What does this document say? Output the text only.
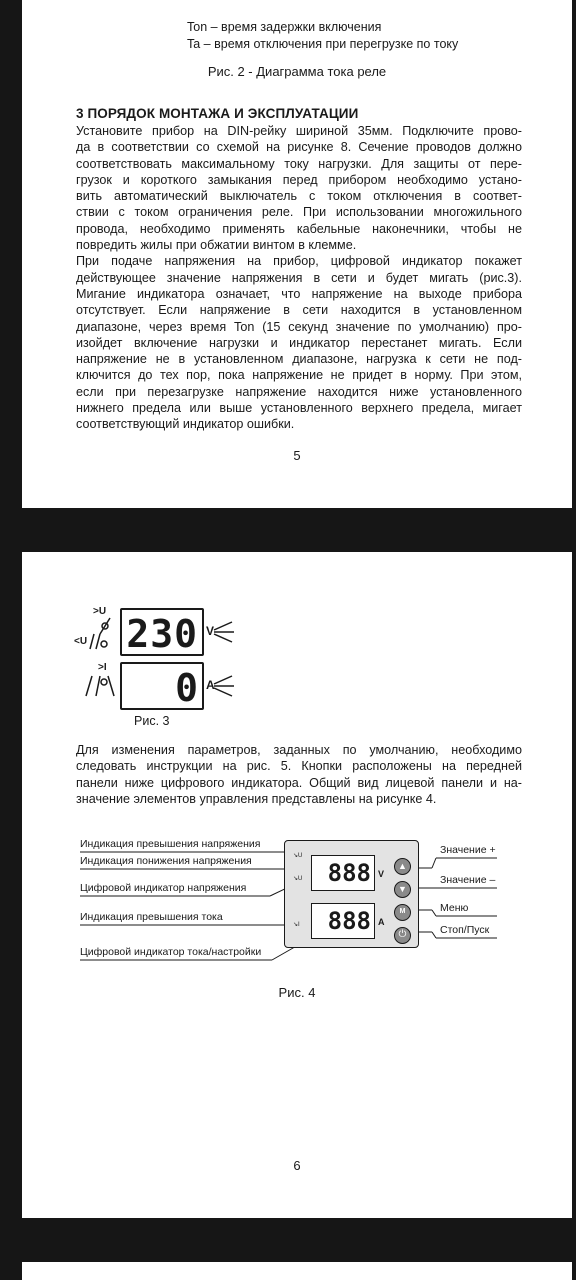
Ton – время задержки включения
Ta – время отключения при перегрузке по току
Рис. 2 - Диаграмма тока реле
3 ПОРЯДОК МОНТАЖА И ЭКСПЛУАТАЦИИ
Установите прибор на DIN-рейку шириной 35мм. Подключите прово-
да в соответствии со схемой на рисунке 8. Сечение проводов должно
соответствовать максимальному току нагрузки. Для защиты от пере-
грузок и короткого замыкания перед прибором необходимо устано-
вить автоматический выключатель с током отключения в соответ-
ствии с током ограничения реле. При использовании многожильного
провода, необходимо применять кабельные наконечники, чтобы не
повредить жилы при обжатии винтом в клемме.
При подаче напряжения на прибор, цифровой индикатор покажет
действующее значение напряжения в сети и будет мигать (рис.3).
Мигание индикатора означает, что напряжение на выходе прибора
отсутствует. Если напряжение в сети находится в установленном
диапазоне, через время Ton (15 секунд значение по умолчанию) про-
изойдет включение нагрузки и индикатор перестанет мигать. Если
напряжение не в установленном диапазоне, нагрузка к сети не под-
ключится до тех пор, пока напряжение не придет в норму. При этом,
если при перезагрузке напряжение находится ниже установленного
нижнего предела или выше установленного верхнего предела, мигает
соответствующий индикатор ошибки.
5
230 V
0 A
>U
<U
>I
Рис. 3
Для изменения параметров, заданных по умолчанию, необходимо
следовать инструкции на рис. 5. Кнопки расположены на передней
панели ниже цифрового индикатора. Общий вид лицевой панели и на-
значение элементов управления представлены на рисунке 4.
Индикация превышения напряжения
Индикация понижения напряжения
Цифровой индикатор напряжения
Индикация превышения тока
Цифровой индикатор тока/настройки
↘U
↘U
↘I
888 V
888 A
▲
▼
M
⏻
Значение +
Значение –
Меню
Стоп/Пуск
Рис. 4
6
